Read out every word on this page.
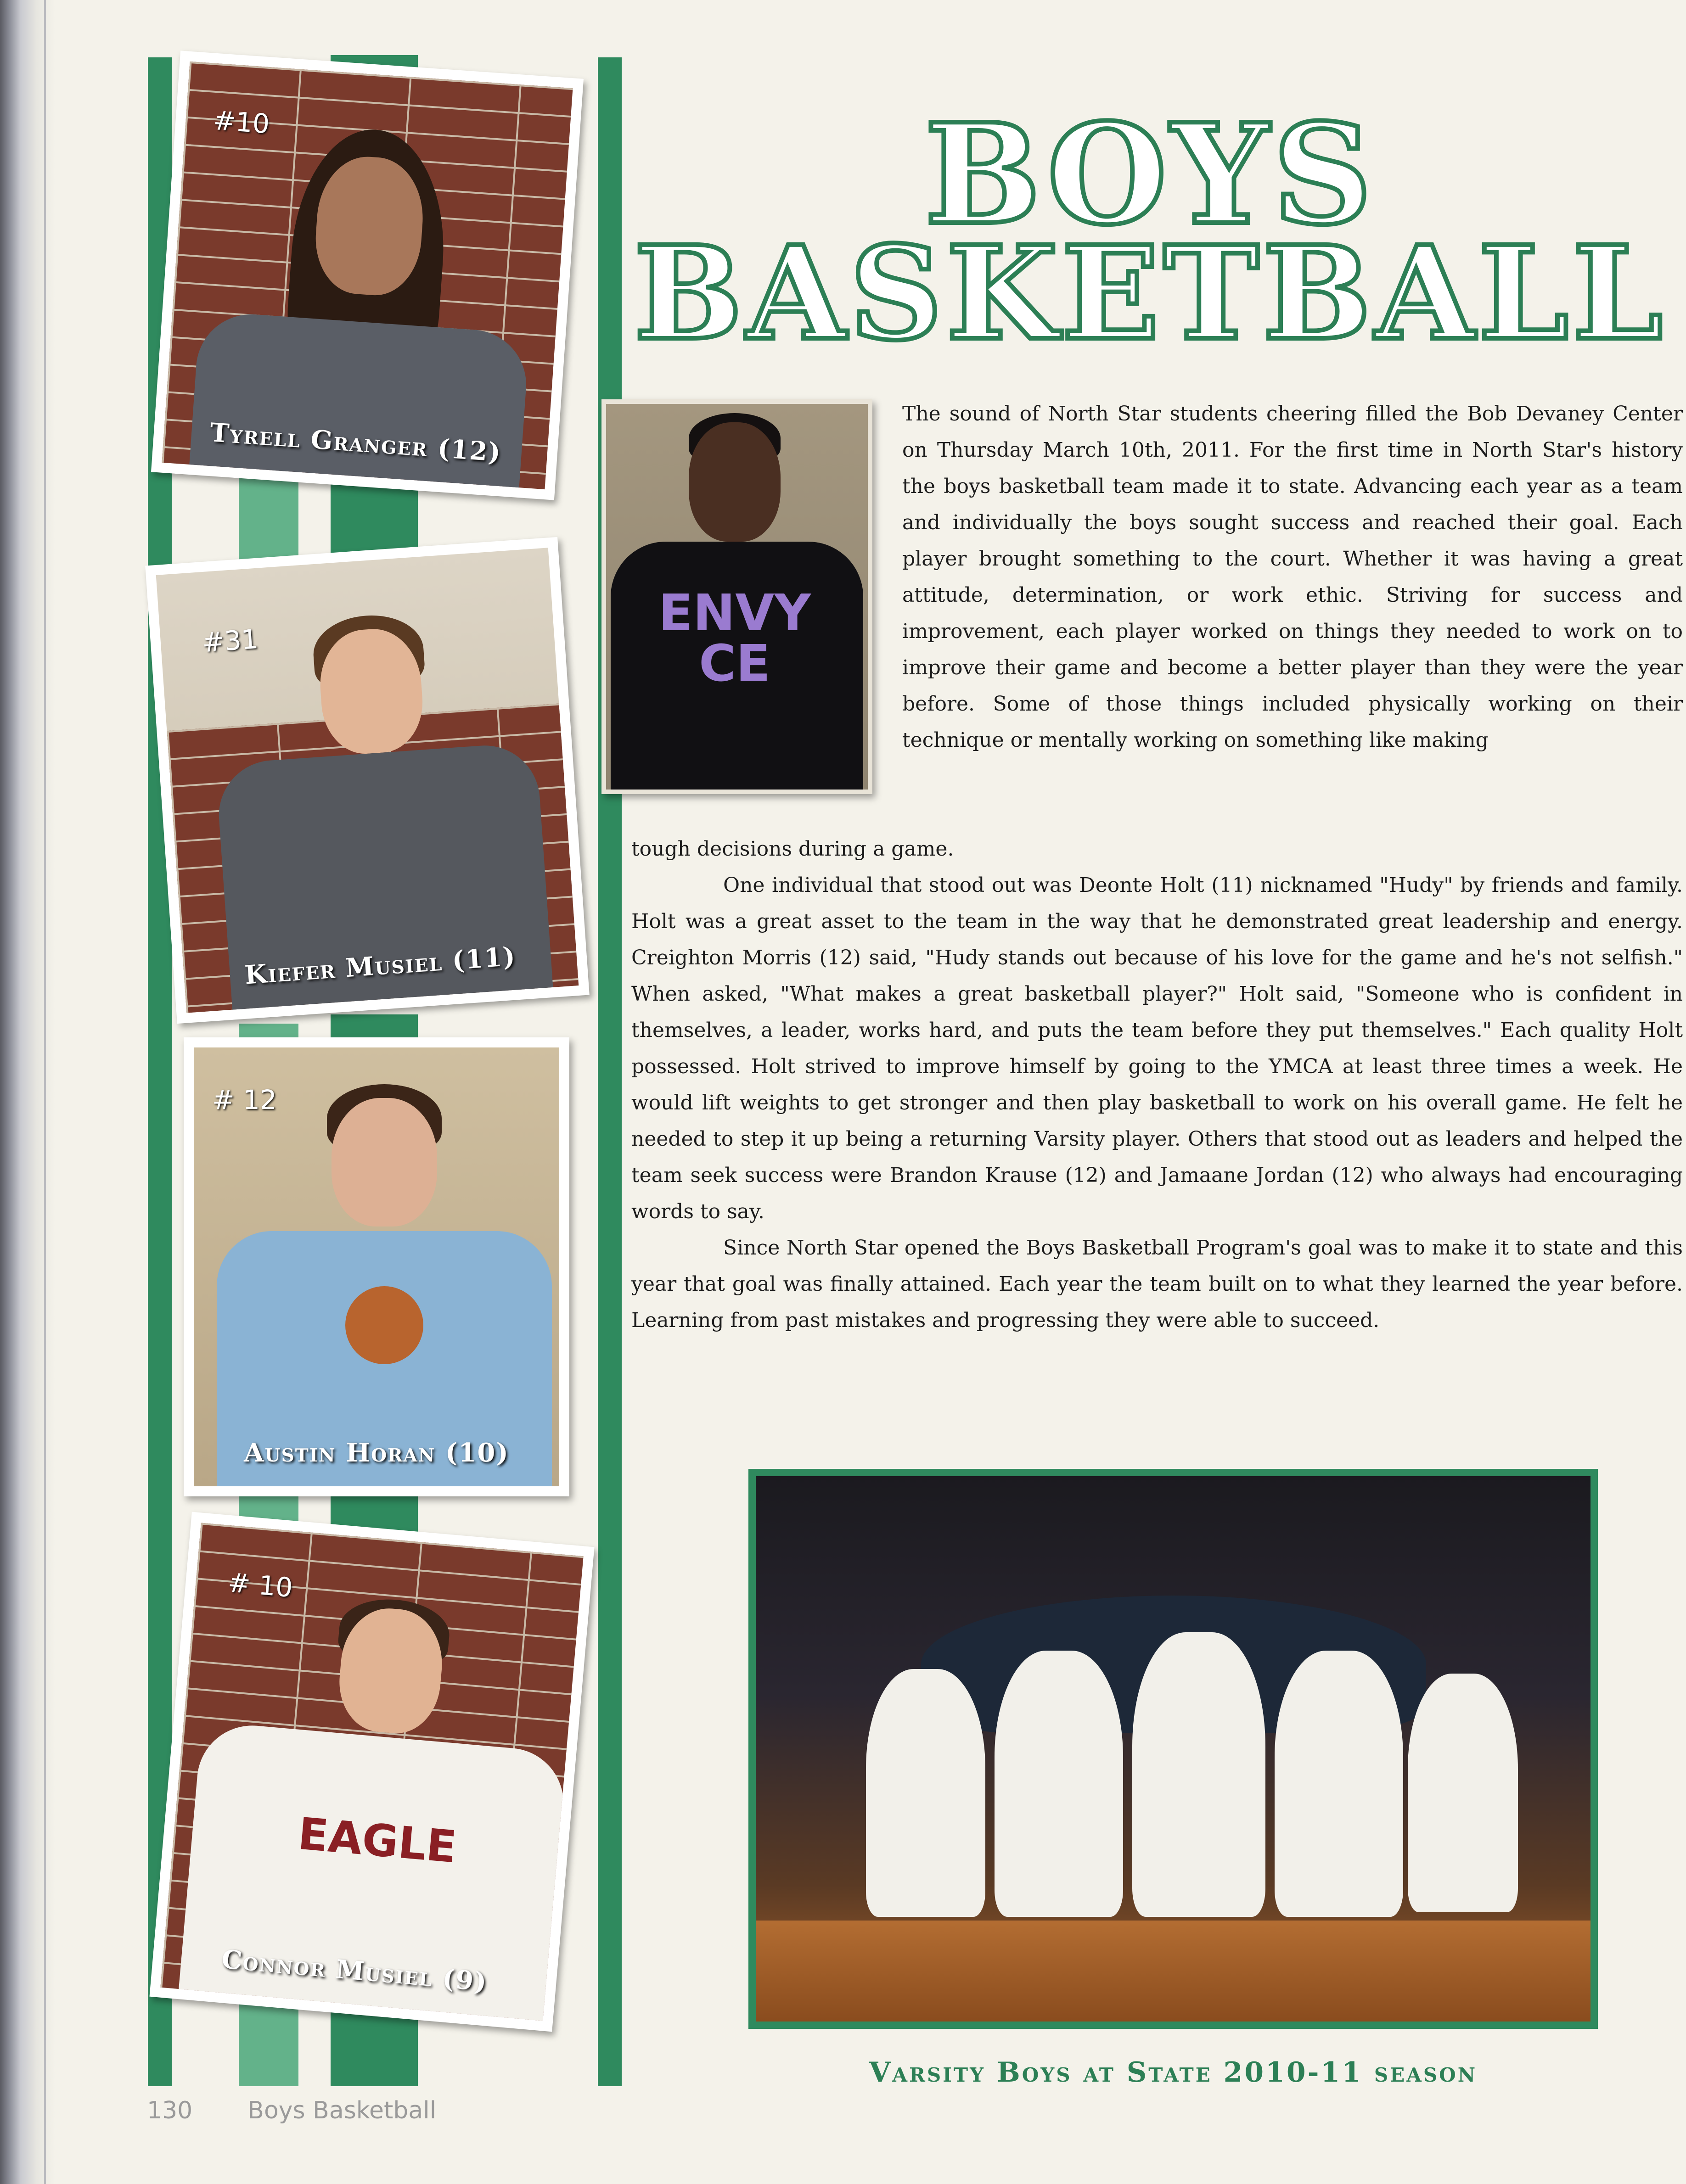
#10
Tyrell Granger (12)
#31
Kiefer Musiel (11)
# 12
Austin Horan (10)
EAGLE
# 10
Connor Musiel (9)
BOYS
BASKETBALL
ENVY
CE

The sound of North Star students cheering filled the Bob Devaney Center on Thursday March 10th, 2011. For the first time in North Star's history the boys basketball team made it to state. Advancing each year as a team and individually the boys sought success and reached their goal. Each player brought something to the court. Whether it was having a great attitude, determination, or work ethic. Striving for success and improvement, each player worked on things they needed to work on to improve their game and become a better player than they were the year before. Some of those things included physically working on their technique or mentally working on something like making

tough decisions during a game.

One individual that stood out was Deonte Holt (11) nicknamed "Hudy" by friends and family. Holt was a great asset to the team in the way that he demonstrated great leadership and energy. Creighton Morris (12) said, "Hudy stands out because of his love for the game and he's not selfish." When asked, "What makes a great basketball player?" Holt said, "Someone who is confident in themselves, a leader, works hard, and puts the team before they put themselves." Each quality Holt possessed. Holt strived to improve himself by going to the YMCA at least three times a week. He would lift weights to get stronger and then play basketball to work on his overall game. He felt he needed to step it up being a returning Varsity player. Others that stood out as leaders and helped the team seek success were Brandon Krause (12) and Jamaane Jordan (12) who always had encouraging words to say.

Since North Star opened the Boys Basketball Program's goal was to make it to state and this year that goal was finally attained. Each year the team built on to what they learned the year before. Learning from past mistakes and progressing they were able to succeed.

Varsity Boys at State 2010-11 season
130 Boys Basketball
